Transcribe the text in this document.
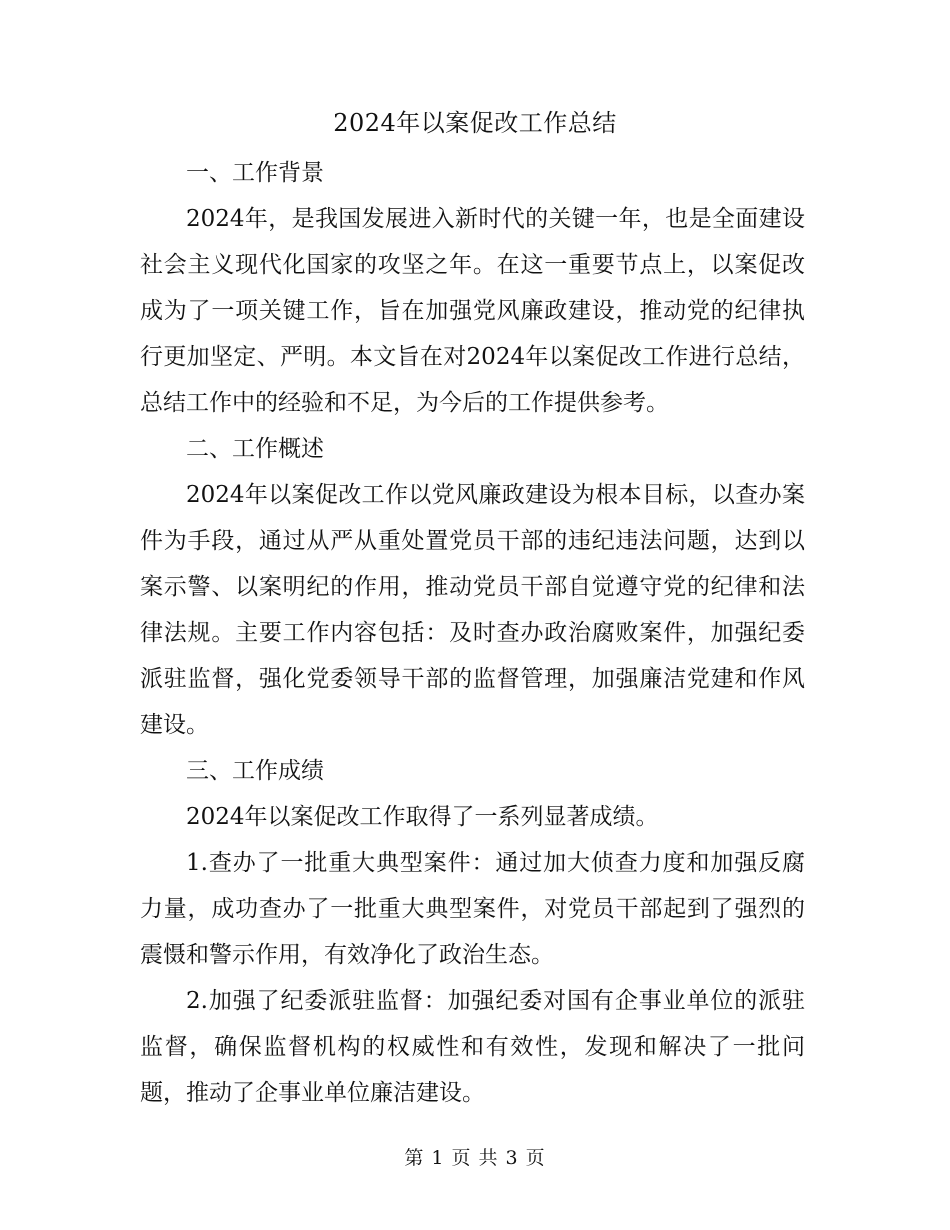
2024年以案促改工作总结

一、工作背景

2024年，是我国发展进入新时代的关键一年，也是全面建设社会主义现代化国家的攻坚之年。在这一重要节点上，以案促改成为了一项关键工作，旨在加强党风廉政建设，推动党的纪律执行更加坚定、严明。本文旨在对2024年以案促改工作进行总结，总结工作中的经验和不足，为今后的工作提供参考。

二、工作概述

2024年以案促改工作以党风廉政建设为根本目标，以查办案件为手段，通过从严从重处置党员干部的违纪违法问题，达到以案示警、以案明纪的作用，推动党员干部自觉遵守党的纪律和法律法规。主要工作内容包括：及时查办政治腐败案件，加强纪委派驻监督，强化党委领导干部的监督管理，加强廉洁党建和作风建设。

三、工作成绩

2024年以案促改工作取得了一系列显著成绩。

1.查办了一批重大典型案件：通过加大侦查力度和加强反腐力量，成功查办了一批重大典型案件，对党员干部起到了强烈的震慑和警示作用，有效净化了政治生态。

2.加强了纪委派驻监督：加强纪委对国有企事业单位的派驻监督，确保监督机构的权威性和有效性，发现和解决了一批问题，推动了企事业单位廉洁建设。

第 1 页 共 3 页
